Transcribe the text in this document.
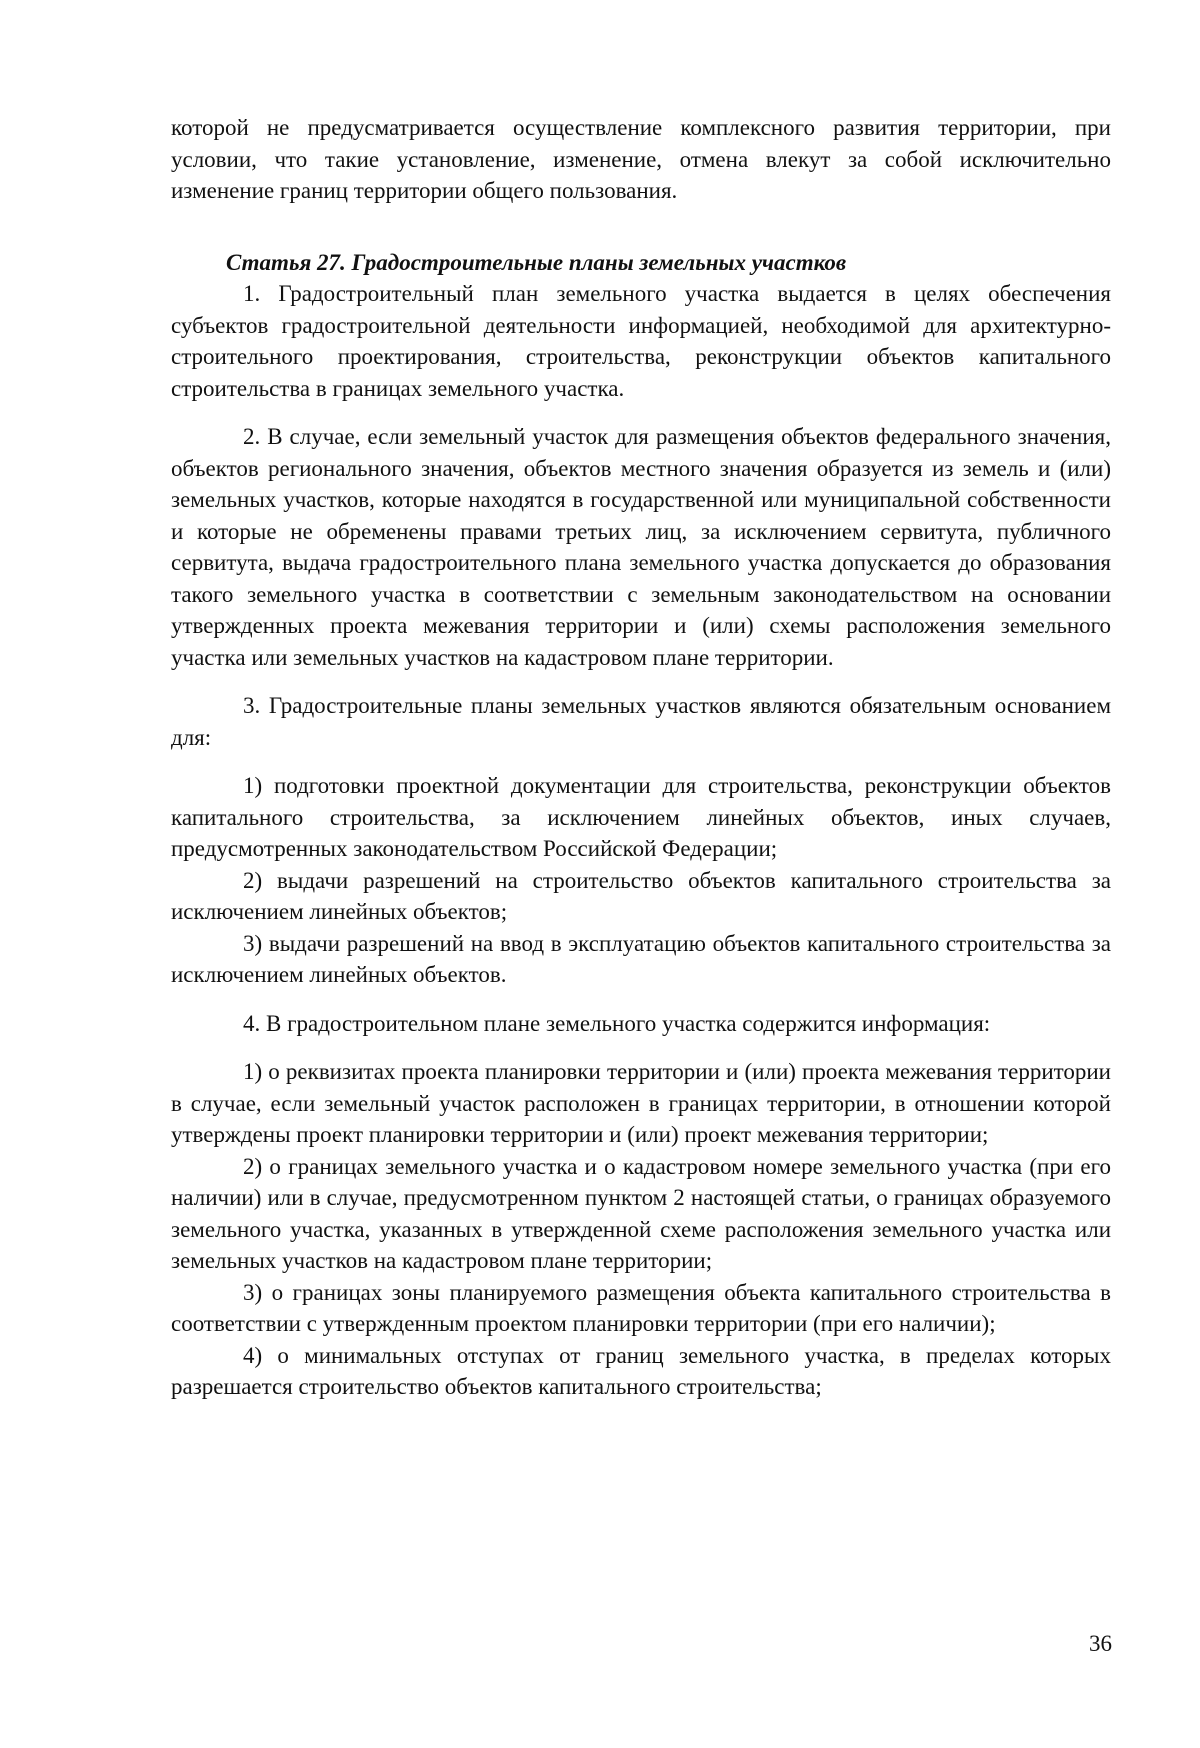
которой не предусматривается осуществление комплексного развития территории, при условии, что такие установление, изменение, отмена влекут за собой исключительно изменение границ территории общего пользования.

Статья 27. Градостроительные планы земельных участков

1. Градостроительный план земельного участка выдается в целях обеспечения субъектов градостроительной деятельности информацией, необходимой для архитектурно-строительного проектирования, строительства, реконструкции объектов капитального строительства в границах земельного участка.

2. В случае, если земельный участок для размещения объектов федерального значения, объектов регионального значения, объектов местного значения образуется из земель и (или) земельных участков, которые находятся в государственной или муниципальной собственности и которые не обременены правами третьих лиц, за исключением сервитута, публичного сервитута, выдача градостроительного плана земельного участка допускается до образования такого земельного участка в соответствии с земельным законодательством на основании утвержденных проекта межевания территории и (или) схемы расположения земельного участка или земельных участков на кадастровом плане территории.

3. Градостроительные планы земельных участков являются обязательным основанием для:

1) подготовки проектной документации для строительства, реконструкции объектов капитального строительства, за исключением линейных объектов, иных случаев, предусмотренных законодательством Российской Федерации;

2) выдачи разрешений на строительство объектов капитального строительства за исключением линейных объектов;

3) выдачи разрешений на ввод в эксплуатацию объектов капитального строительства за исключением линейных объектов.

4. В градостроительном плане земельного участка содержится информация:

1) о реквизитах проекта планировки территории и (или) проекта межевания территории в случае, если земельный участок расположен в границах территории, в отношении которой утверждены проект планировки территории и (или) проект межевания территории;

2) о границах земельного участка и о кадастровом номере земельного участка (при его наличии) или в случае, предусмотренном пунктом 2 настоящей статьи, о границах образуемого земельного участка, указанных в утвержденной схеме расположения земельного участка или земельных участков на кадастровом плане территории;

3) о границах зоны планируемого размещения объекта капитального строительства в соответствии с утвержденным проектом планировки территории (при его наличии);

4) о минимальных отступах от границ земельного участка, в пределах которых разрешается строительство объектов капитального строительства;

36
